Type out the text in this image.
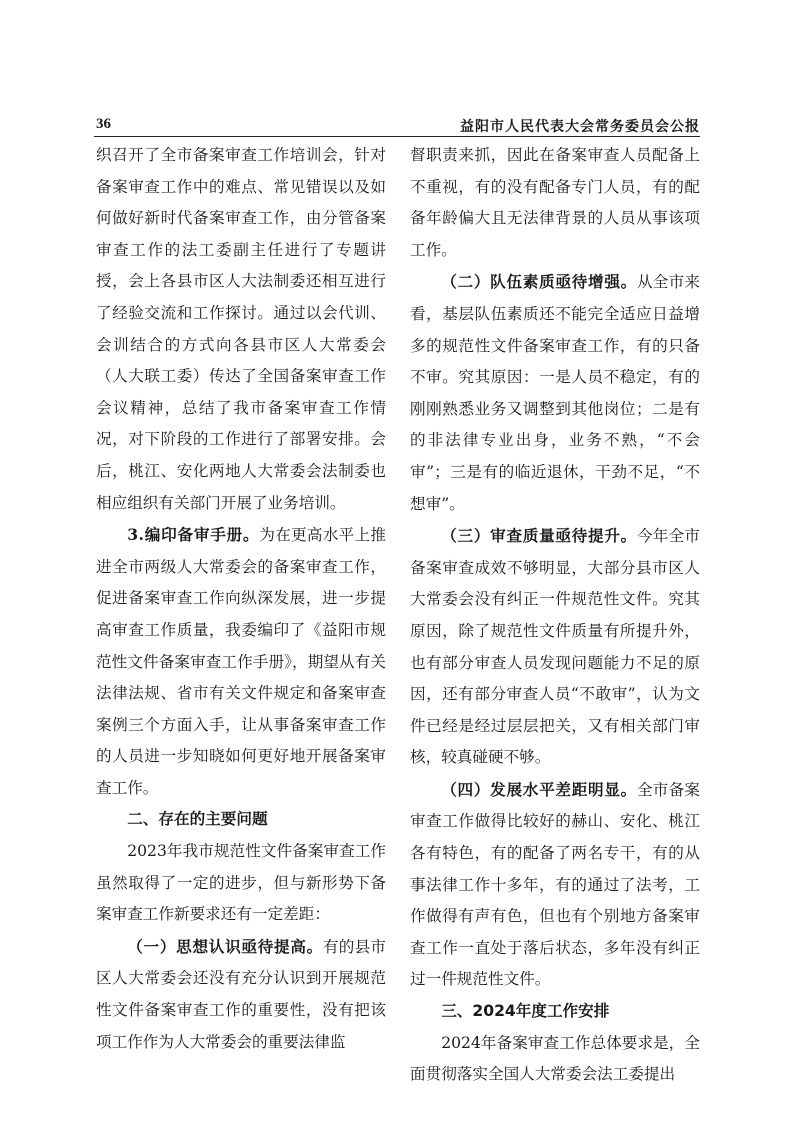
36	益阳市人民代表大会常务委员会公报

织召开了全市备案审查工作培训会，针对备案审查工作中的难点、常见错误以及如何做好新时代备案审查工作，由分管备案审查工作的法工委副主任进行了专题讲授，会上各县市区人大法制委还相互进行了经验交流和工作探讨。通过以会代训、会训结合的方式向各县市区人大常委会（人大联工委）传达了全国备案审查工作会议精神，总结了我市备案审查工作情况，对下阶段的工作进行了部署安排。会后，桃江、安化两地人大常委会法制委也相应组织有关部门开展了业务培训。

3.编印备审手册。为在更高水平上推进全市两级人大常委会的备案审查工作，促进备案审查工作向纵深发展，进一步提高审查工作质量，我委编印了《益阳市规范性文件备案审查工作手册》，期望从有关法律法规、省市有关文件规定和备案审查案例三个方面入手，让从事备案审查工作的人员进一步知晓如何更好地开展备案审查工作。

二、存在的主要问题

2023年我市规范性文件备案审查工作虽然取得了一定的进步，但与新形势下备案审查工作新要求还有一定差距：

（一）思想认识亟待提高。有的县市区人大常委会还没有充分认识到开展规范性文件备案审查工作的重要性，没有把该项工作作为人大常委会的重要法律监

督职责来抓，因此在备案审查人员配备上不重视，有的没有配备专门人员，有的配备年龄偏大且无法律背景的人员从事该项工作。

（二）队伍素质亟待增强。从全市来看，基层队伍素质还不能完全适应日益增多的规范性文件备案审查工作，有的只备不审。究其原因：一是人员不稳定，有的刚刚熟悉业务又调整到其他岗位；二是有的非法律专业出身，业务不熟，“不会审”；三是有的临近退休，干劲不足，“不想审”。

（三）审查质量亟待提升。今年全市备案审查成效不够明显，大部分县市区人大常委会没有纠正一件规范性文件。究其原因，除了规范性文件质量有所提升外，也有部分审查人员发现问题能力不足的原因，还有部分审查人员“不敢审”，认为文件已经是经过层层把关，又有相关部门审核，较真碰硬不够。

（四）发展水平差距明显。全市备案审查工作做得比较好的赫山、安化、桃江各有特色，有的配备了两名专干，有的从事法律工作十多年，有的通过了法考，工作做得有声有色，但也有个别地方备案审查工作一直处于落后状态，多年没有纠正过一件规范性文件。

三、2024年度工作安排

2024年备案审查工作总体要求是，全面贯彻落实全国人大常委会法工委提出
